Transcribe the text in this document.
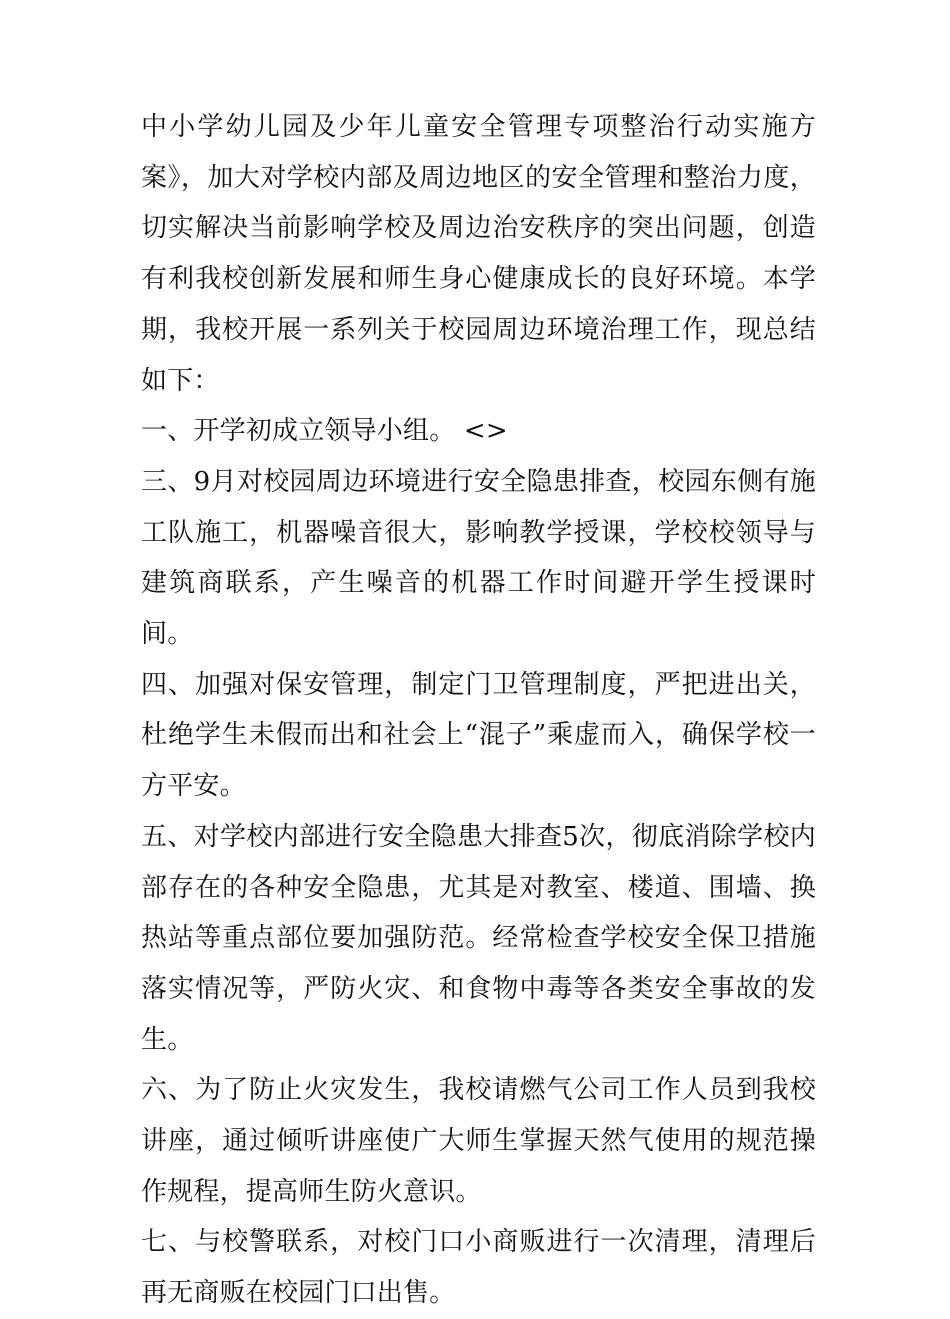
中小学幼儿园及少年儿童安全管理专项整治行动实施方案》，加大对学校内部及周边地区的安全管理和整治力度，切实解决当前影响学校及周边治安秩序的突出问题，创造有利我校创新发展和师生身心健康成长的良好环境。本学期，我校开展一系列关于校园周边环境治理工作，现总结如下：

一、开学初成立领导小组。 <>

三、9月对校园周边环境进行安全隐患排查，校园东侧有施工队施工，机器噪音很大，影响教学授课，学校校领导与建筑商联系，产生噪音的机器工作时间避开学生授课时间。

四、加强对保安管理，制定门卫管理制度，严把进出关，杜绝学生未假而出和社会上“混子”乘虚而入，确保学校一方平安。

五、对学校内部进行安全隐患大排查5次，彻底消除学校内部存在的各种安全隐患，尤其是对教室、楼道、围墙、换热站等重点部位要加强防范。经常检查学校安全保卫措施落实情况等，严防火灾、和食物中毒等各类安全事故的发生。

六、为了防止火灾发生，我校请燃气公司工作人员到我校讲座，通过倾听讲座使广大师生掌握天然气使用的规范操作规程，提高师生防火意识。

七、与校警联系，对校门口小商贩进行一次清理，清理后再无商贩在校园门口出售。
